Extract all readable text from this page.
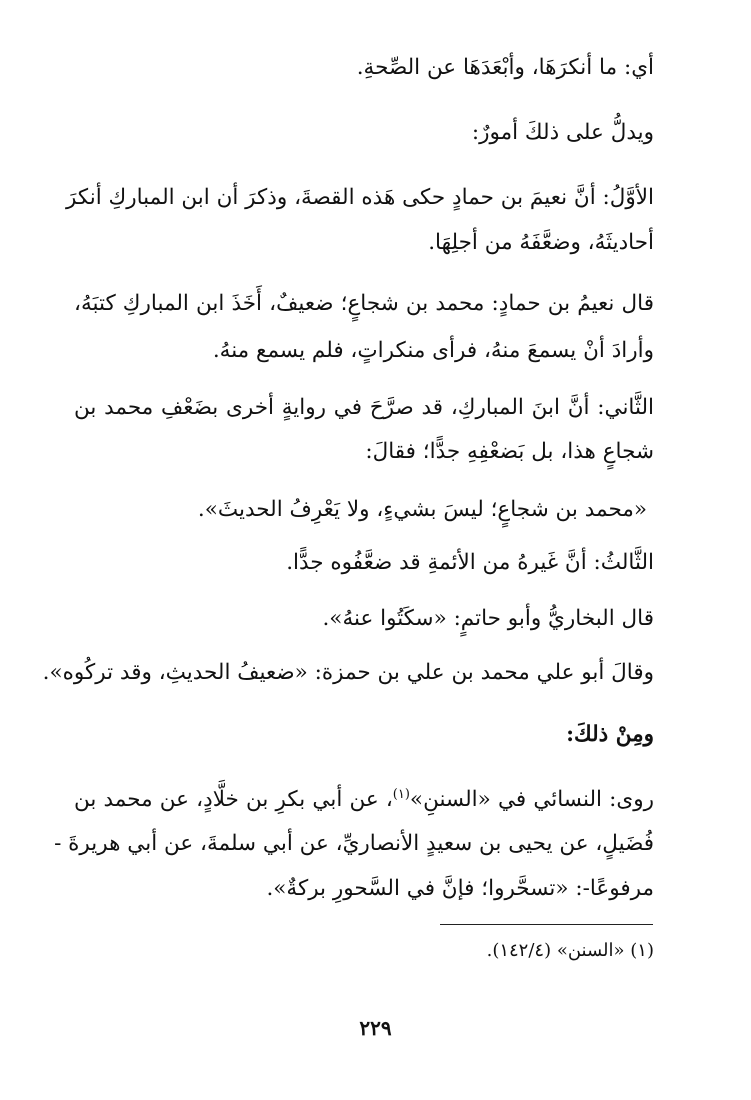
أي: ما أنكرَهَا، وأبْعَدَهَا عن الصِّحةِ.
ويدلُّ على ذلكَ أمورٌ:
الأوَّلُ: أنَّ نعيمَ بن حمادٍ حكى هَذه القصةَ، وذكرَ أن ابن المباركِ أنكرَ
أحاديثَهُ، وضعَّفَهُ من أجلِهَا.
قال نعيمُ بن حمادٍ: محمد بن شجاعٍ؛ ضعيفٌ، أَخَذَ ابن المباركِ كتبَهُ،
وأرادَ أنْ يسمعَ منهُ، فرأى منكراتٍ، فلم يسمع منهُ.
الثَّاني: أنَّ ابنَ المباركِ، قد صرَّحَ في روايةٍ أخرى بضَعْفِ محمد بن
شجاعٍ هذا، بل بَضعْفِهِ جدًّا؛ فقالَ:
«محمد بن شجاعٍ؛ ليسَ بشيءٍ، ولا يَعْرِفُ الحديثَ».
الثَّالثُ: أنَّ غَيرهُ من الأئمةِ قد ضعَّفُوه جدًّا.
قال البخاريُّ وأبو حاتمٍ: «سكَتُوا عنهُ».
وقالَ أبو علي محمد بن علي بن حمزة: «ضعيفُ الحديثِ، وقد تركُوه».
ومِنْ ذلكَ:
روى: النسائي في «السننِ»$^{(١)}$، عن أبي بكرِ بن خلَّادٍ، عن محمد بن
فُضَيلٍ، عن يحيى بن سعيدٍ الأنصاريِّ، عن أبي سلمةَ، عن أبي هريرةَ -
مرفوعًا-: «تسحَّروا؛ فإنَّ في السَّحورِ بركةٌ».
(١) «السنن» (١٤٢/٤).
٢٢٩
